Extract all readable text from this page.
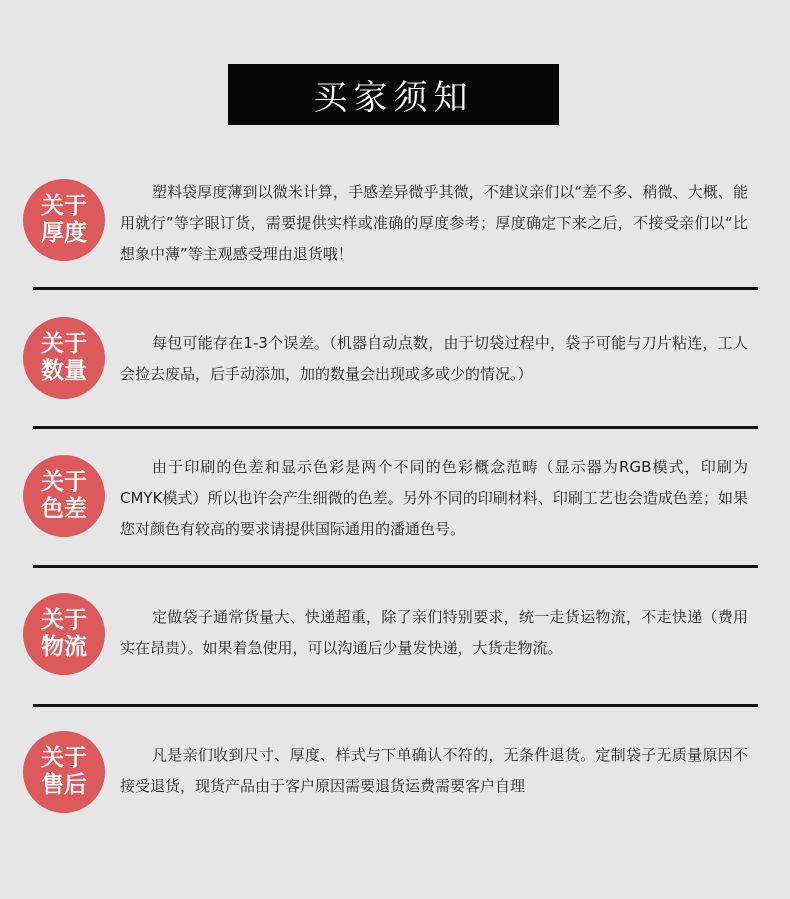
买家须知
关于
厚度
塑料袋厚度薄到以微米计算，手感差异微乎其微，不建议亲们以“差不多、稍微、大概、能用就行”等字眼订货，需要提供实样或准确的厚度参考；厚度确定下来之后，不接受亲们以“比想象中薄”等主观感受理由退货哦！
关于
数量
每包可能存在1-3个误差。（机器自动点数，由于切袋过程中，袋子可能与刀片粘连，工人会捡去废品，后手动添加，加的数量会出现或多或少的情况。）
关于
色差
由于印刷的色差和显示色彩是两个不同的色彩概念范畴（显示器为RGB模式，印刷为CMYK模式）所以也许会产生细微的色差。另外不同的印刷材料、印刷工艺也会造成色差；如果您对颜色有较高的要求请提供国际通用的潘通色号。
关于
物流
定做袋子通常货量大、快递超重，除了亲们特别要求，统一走货运物流，不走快递（费用实在昂贵）。如果着急使用，可以沟通后少量发快递，大货走物流。
关于
售后
凡是亲们收到尺寸、厚度、样式与下单确认不符的，无条件退货。定制袋子无质量原因不接受退货，现货产品由于客户原因需要退货运费需要客户自理
